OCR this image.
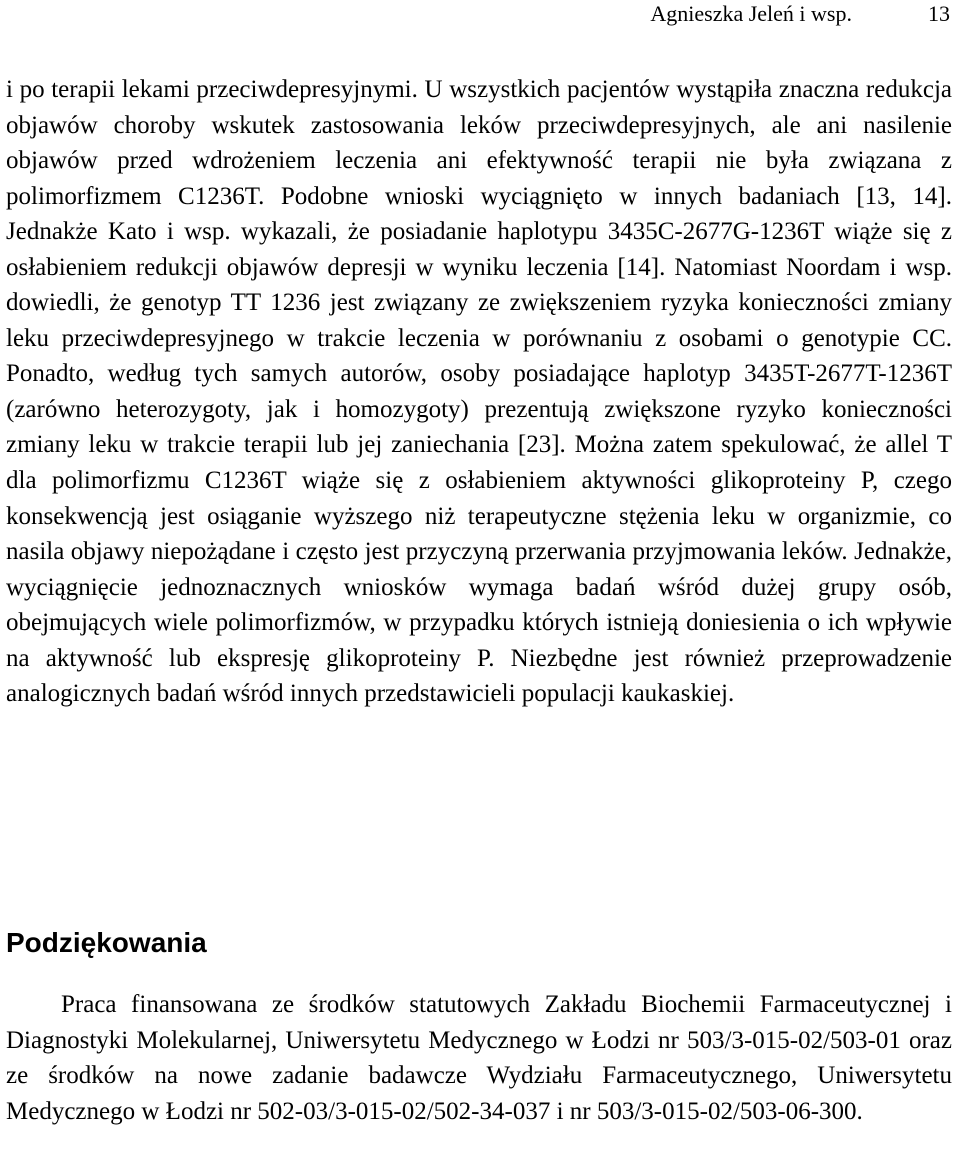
Agnieszka Jeleń i wsp.	13

i po terapii lekami przeciwdepresyjnymi. U wszystkich pacjentów wystąpiła znaczna redukcja objawów choroby wskutek zastosowania leków przeciwdepresyjnych, ale ani nasilenie objawów przed wdrożeniem leczenia ani efektywność terapii nie była związana z polimorfizmem C1236T. Podobne wnioski wyciągnięto w innych badaniach [13, 14]. Jednakże Kato i wsp. wykazali, że posiadanie haplotypu 3435C-2677G-1236T wiąże się z osłabieniem redukcji objawów depresji w wyniku leczenia [14]. Natomiast Noordam i wsp. dowiedli, że genotyp TT 1236 jest związany ze zwiększeniem ryzyka konieczności zmiany leku przeciwdepresyjnego w trakcie leczenia w porównaniu z osobami o genotypie CC. Ponadto, według tych samych autorów, osoby posiadające haplotyp 3435T-2677T-1236T (zarówno heterozygoty, jak i homozygoty) prezentują zwiększone ryzyko konieczności zmiany leku w trakcie terapii lub jej zaniechania [23]. Można zatem spekulować, że allel T dla polimorfizmu C1236T wiąże się z osłabieniem aktywności glikoproteiny P, czego konsekwencją jest osiąganie wyższego niż terapeutyczne stężenia leku w organizmie, co nasila objawy niepożądane i często jest przyczyną przerwania przyjmowania leków. Jednakże, wyciągnięcie jednoznacznych wniosków wymaga badań wśród dużej grupy osób, obejmujących wiele polimorfizmów, w przypadku których istnieją doniesienia o ich wpływie na aktywność lub ekspresję glikoproteiny P. Niezbędne jest również przeprowadzenie analogicznych badań wśród innych przedstawicieli populacji kaukaskiej.

Podziękowania

Praca finansowana ze środków statutowych Zakładu Biochemii Farmaceutycznej i Diagnostyki Molekularnej, Uniwersytetu Medycznego w Łodzi nr 503/3-015-02/503-01 oraz ze środków na nowe zadanie badawcze Wydziału Farmaceutycznego, Uniwersytetu Medycznego w Łodzi nr 502-03/3-015-02/502-34-037 i nr 503/3-015-02/503-06-300.
